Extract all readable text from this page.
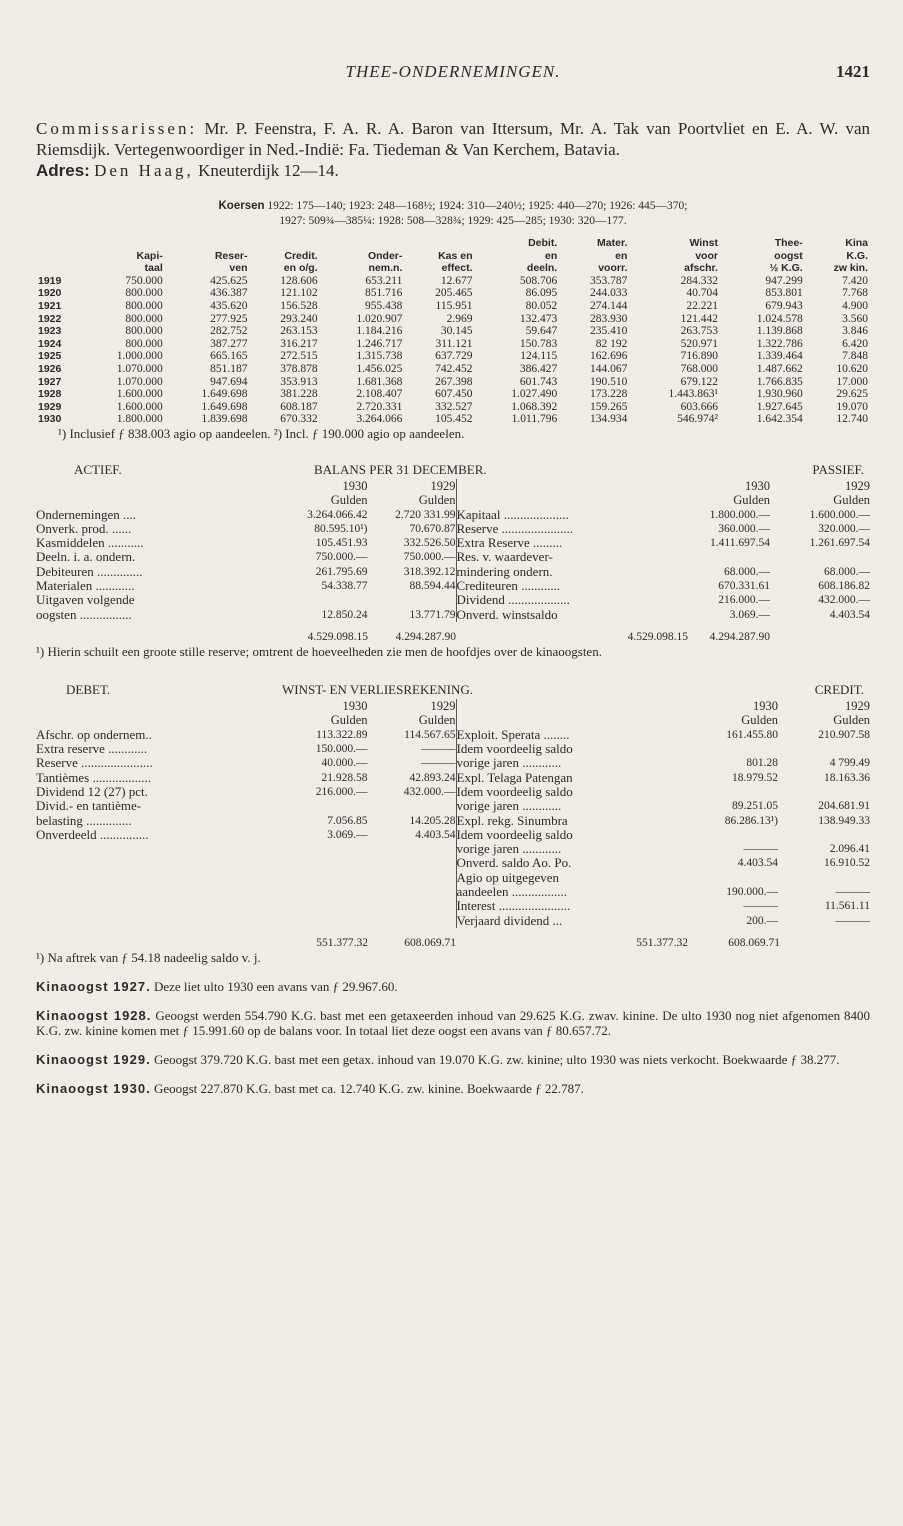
THEE-ONDERNEMINGEN.	1421
Commissarissen: Mr. P. Feenstra, F. A. R. A. Baron van Ittersum, Mr. A. Tak van Poortvliet en E. A. W. van Riemsdijk. Vertegenwoordiger in Ned.-Indië: Fa. Tiedeman & Van Kerchem, Batavia.
Adres: Den Haag, Kneuterdijk 12—14.
Koersen 1922: 175—140; 1923: 248—168½; 1924: 310—240½; 1925: 440—270; 1926: 445—370;
1927: 509¾—385¼: 1928: 508—328¾; 1929: 425—285; 1930: 320—177.
						Debit.	Mater.	Winst	Thee-	Kina
	Kapi-	Reser-	Credit.	Onder-	Kas en	en	en	voor	oogst	K.G.
	taal	ven	en o/g.	nem.n.	effect.	deeln.	voorr.	afschr.	½ K.G.	zw kin.
1919	750.000	425.625	128.606	653.211	12.677	508.706	353.787	284.332	947.299	7.420
1920	800.000	436.387	121.102	851.716	205.465	86.095	244.033	40.704	853.801	7.768
1921	800.000	435.620	156.528	955.438	115.951	80.052	274.144	22.221	679.943	4.900
1922	800.000	277.925	293.240	1.020.907	2.969	132.473	283.930	121.442	1.024.578	3.560
1923	800.000	282.752	263.153	1.184.216	30.145	59.647	235.410	263.753	1.139.868	3.846
1924	800.000	387.277	316.217	1.246.717	311.121	150.783	82 192	520.971	1.322.786	6.420
1925	1.000.000	665.165	272.515	1.315.738	637.729	124.115	162.696	716.890	1.339.464	7.848
1926	1.070.000	851.187	378.878	1.456.025	742.452	386.427	144.067	768.000	1.487.662	10.620
1927	1.070.000	947.694	353.913	1.681.368	267.398	601.743	190.510	679.122	1.766.835	17.000
1928	1.600.000	1.649.698	381.228	2.108.407	607.450	1.027.490	173.228	1.443.863¹	1.930.960	29.625
1929	1.600.000	1.649.698	608.187	2.720.331	332.527	1.068.392	159.265	603.666	1.927.645	19.070
1930	1.800.000	1.839.698	670.332	3.264.066	105.452	1.011.796	134.934	546.974²	1.642.354	12.740
¹) Inclusief ƒ 838.003 agio op aandeelen. ²) Incl. ƒ 190.000 agio op aandeelen.
ACTIEF.	BALANS PER 31 DECEMBER.	PASSIEF.
	1930	1929
	Gulden	Gulden
Ondernemingen ....	3.264.066.42	2.720 331.99
Onverk. prod. ......	80.595.10¹)	70.670.87
Kasmiddelen ...........	105.451.93	332.526.50
Deeln. i. a. ondern.	750.000.—	750.000.—
Debiteuren ..............	261.795.69	318.392.12
Materialen ............	54.338.77	88.594.44
Uitgaven volgende		
oogsten ................	12.850.24	13.771.79
	1930	1929
	Gulden	Gulden
Kapitaal ....................	1.800.000.—	1.600.000.—
Reserve ......................	360.000.—	320.000.—
Extra Reserve .........	1.411.697.54	1.261.697.54
Res. v. waardever-		
mindering ondern.	68.000.—	68.000.—
Crediteuren ............	670.331.61	608.186.82
Dividend ...................	216.000.—	432.000.—
Onverd. winstsaldo	3.069.—	4.403.54
4.529.098.15	4.294.287.90	4.529.098.15	4.294.287.90
¹) Hierin schuilt een groote stille reserve; omtrent de hoeveelheden zie men de hoofdjes over de kinaoogsten.
DEBET.	WINST- EN VERLIESREKENING.	CREDIT.
	1930	1929
	Gulden	Gulden
Afschr. op ondernem..	113.322.89	114.567.65
Extra reserve ............	150.000.—	———
Reserve ......................	40.000.—	———
Tantièmes ..................	21.928.58	42.893.24
Dividend 12 (27) pct.	216.000.—	432.000.—
Divid.- en tantième-		
belasting ..............	7.056.85	14.205.28
Onverdeeld ...............	3.069.—	4.403.54
	1930	1929
	Gulden	Gulden
Exploit. Sperata ........	161.455.80	210.907.58
Idem voordeelig saldo		
vorige jaren ............	801.28	4 799.49
Expl. Telaga Patengan	18.979.52	18.163.36
Idem voordeelig saldo		
vorige jaren ............	89.251.05	204.681.91
Expl. rekg. Sinumbra	86.286.13¹)	138.949.33
Idem voordeelig saldo		
vorige jaren ............	———	2.096.41
Onverd. saldo Ao. Po.	4.403.54	16.910.52
Agio op uitgegeven		
aandeelen .................	190.000.—	———
Interest ......................	———	11.561.11
Verjaard dividend ...	200.—	———
551.377.32	608.069.71	551.377.32	608.069.71
¹) Na aftrek van ƒ 54.18 nadeelig saldo v. j.
Kinaoogst 1927. Deze liet ulto 1930 een avans van ƒ 29.967.60.
Kinaoogst 1928. Geoogst werden 554.790 K.G. bast met een getaxeerden inhoud van 29.625 K.G. zwav. kinine. De ulto 1930 nog niet afgenomen 8400 K.G. zw. kinine komen met ƒ 15.991.60 op de balans voor. In totaal liet deze oogst een avans van ƒ 80.657.72.
Kinaoogst 1929. Geoogst 379.720 K.G. bast met een getax. inhoud van 19.070 K.G. zw. kinine; ulto 1930 was niets verkocht. Boekwaarde ƒ 38.277.
Kinaoogst 1930. Geoogst 227.870 K.G. bast met ca. 12.740 K.G. zw. kinine. Boekwaarde ƒ 22.787.
